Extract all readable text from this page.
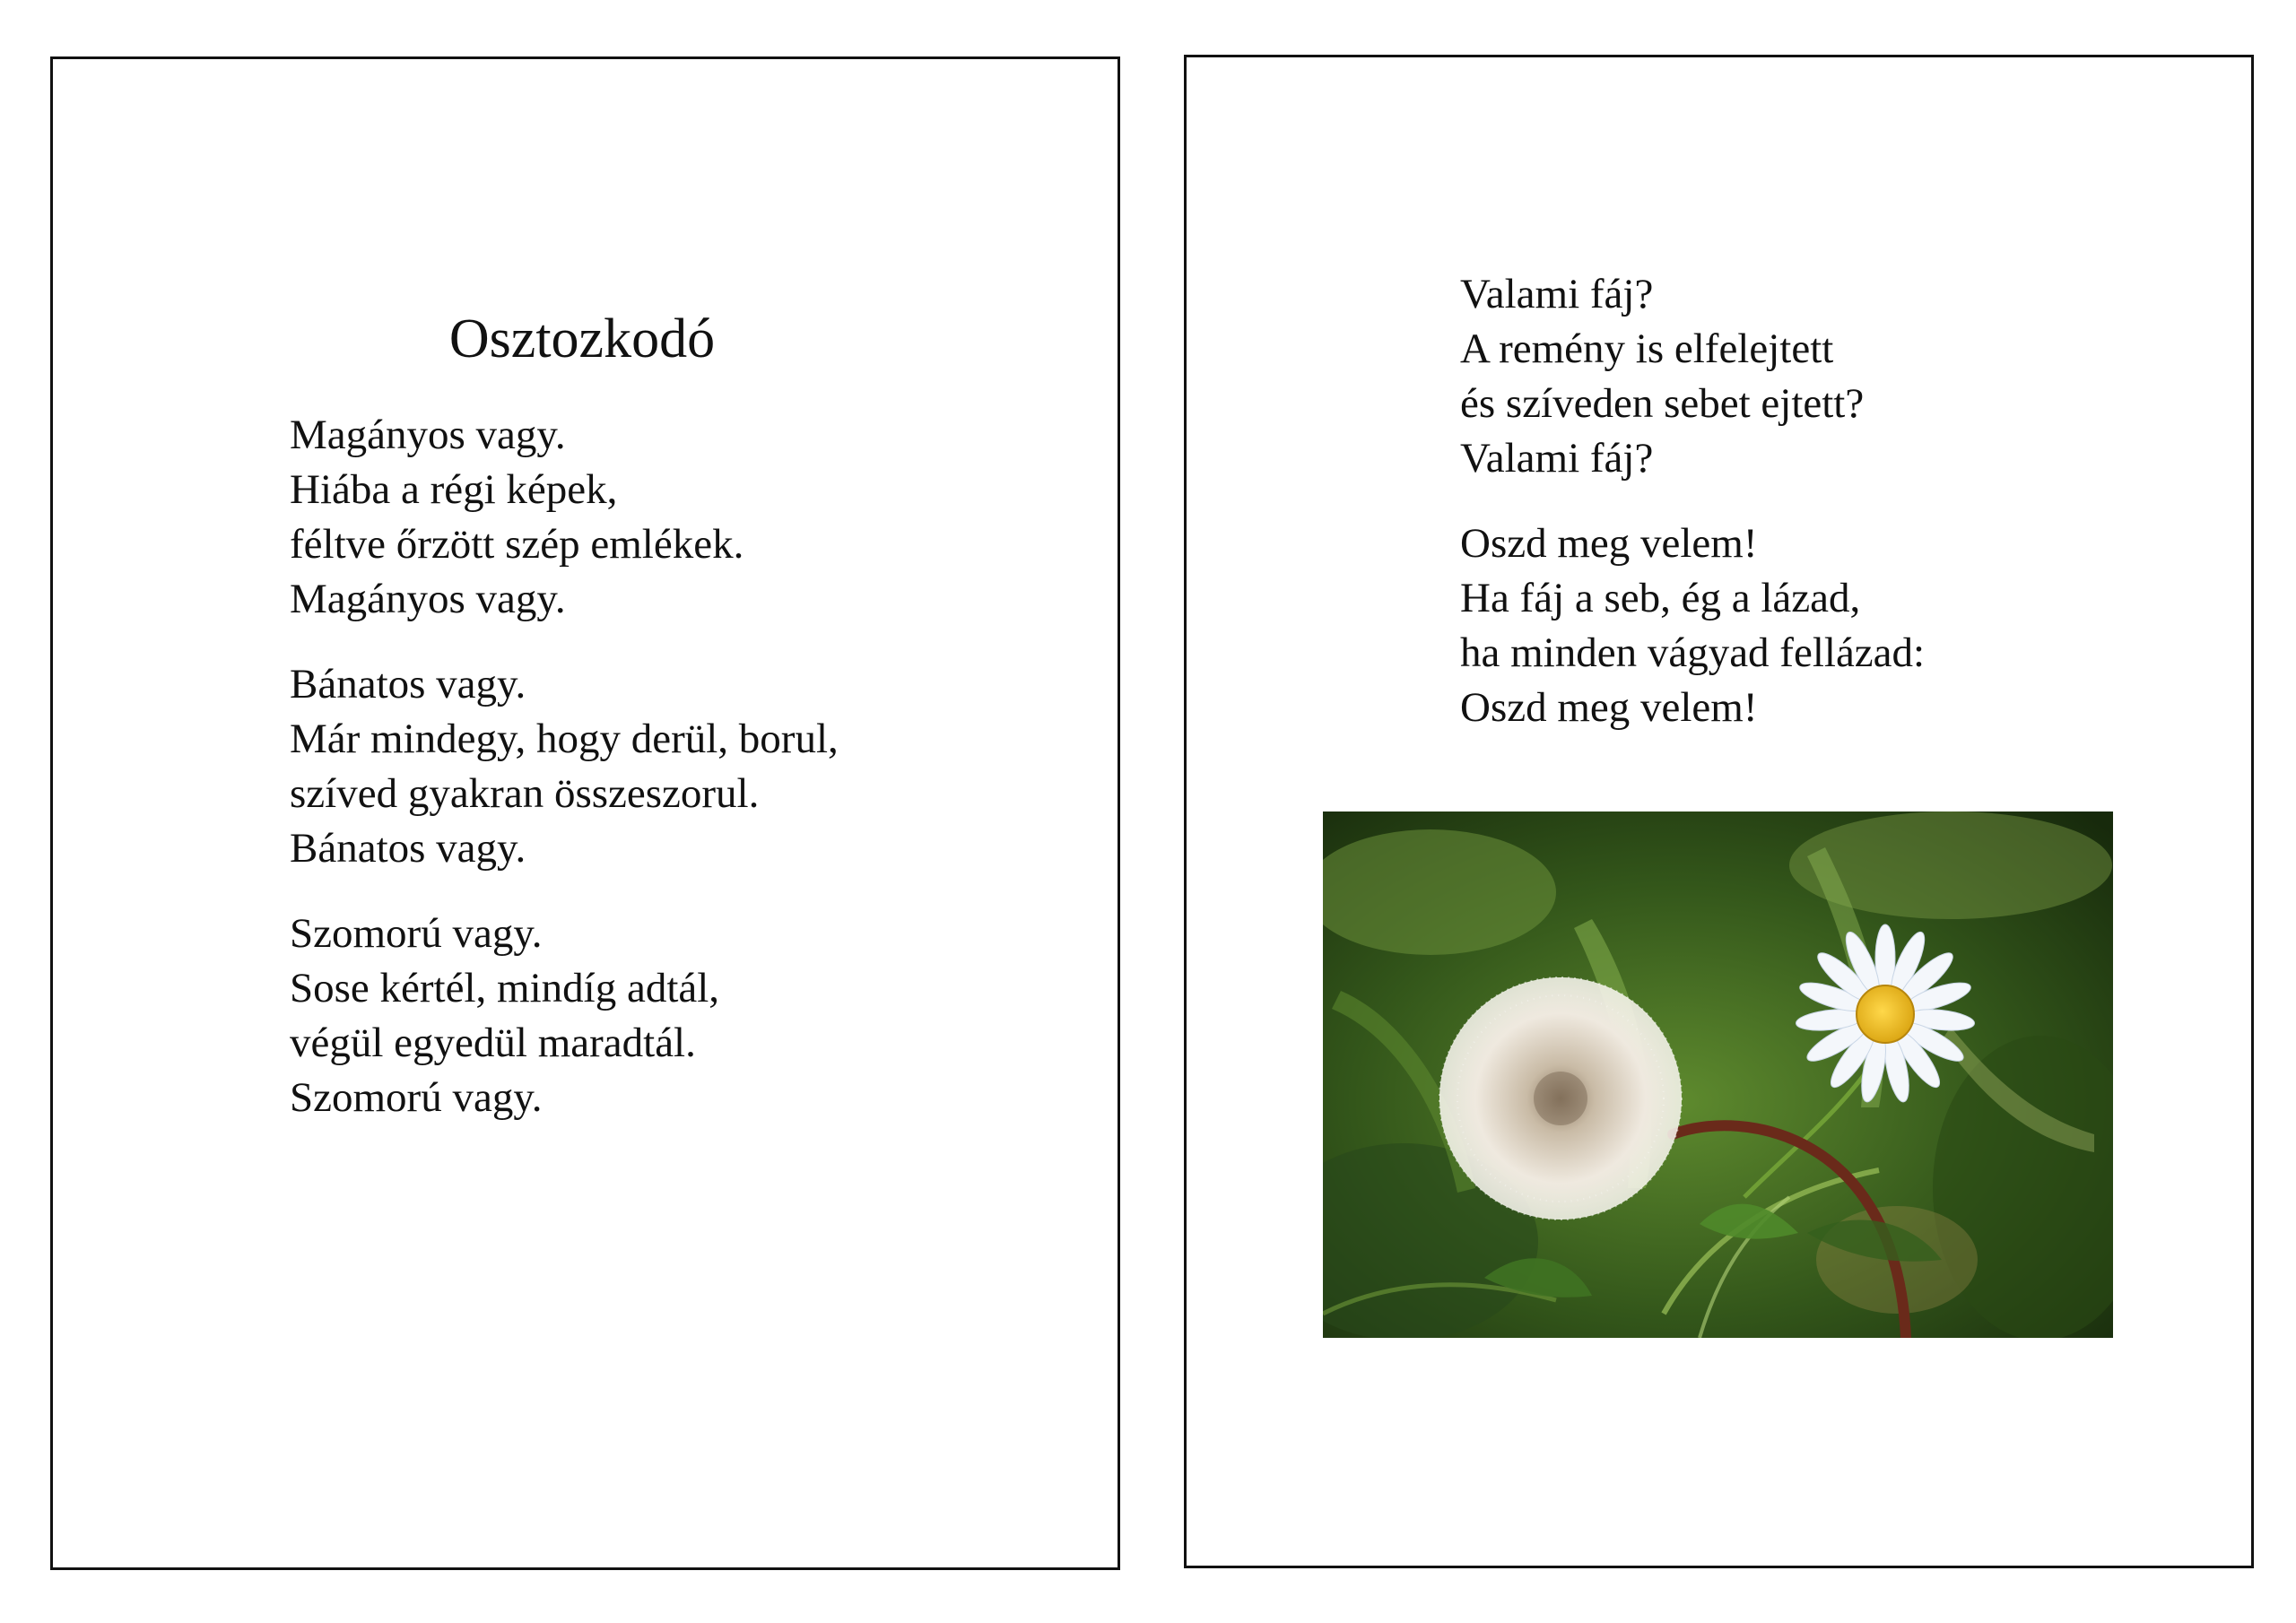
Osztozkodó
Magányos vagy.
Hiába a régi képek,
féltve őrzött szép emlékek.
Magányos vagy.
Bánatos vagy.
Már mindegy, hogy derül, borul,
szíved gyakran összeszorul.
Bánatos vagy.
Szomorú vagy.
Sose kértél, mindíg adtál,
végül egyedül maradtál.
Szomorú vagy.
Valami fáj?
A remény is elfelejtett
és szíveden sebet ejtett?
Valami fáj?
Oszd meg velem!
Ha fáj a seb, ég a lázad,
ha minden vágyad fellázad:
Oszd meg velem!
